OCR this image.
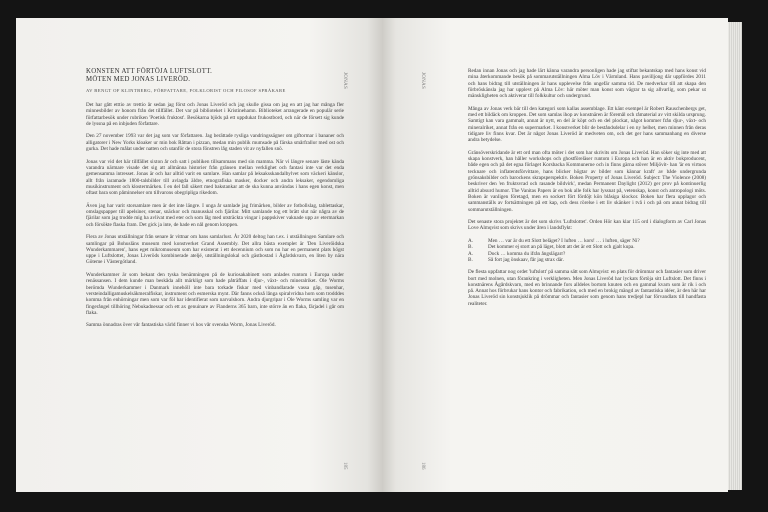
KONSTEN ATT FÖRTÖJA LUFTSLOTT.
MÖTEN MED JONAS LIVERÖD.
AV BENGT OF KLINTBERG, FÖRFATTARE, FOLKLORIST OCH FILOSOF SPRÅKARE

Det har gått etttio av trettio år sedan jag först och Jonas Liveröd och jag skulle gissa om jag en att jag har många fler minnesbilder av honom från det tillfället. Det var på biblioteket i Kristinehamn. Biblioteket arrangerade en populär serie författarbesök under rubriken 'Poetisk fruktost'. Besökarna bjöds på ett uppdukat frukostbord, och när de försett sig kunde de lyssna på en inbjuden författare.

Den 27 november 1993 var det jag som var författaren. Jag berättade rysliga vandringssägner om giftormar i bananer och alligatorer i New Yorks kloaker ur min bok Råttan i pizzan, medan min publik mumsade på färska smårfrallor med ost och gurka. Det hade målat under natten och utanför de stora fönstren låg staden vit av nyfallen snö.

Jonas var vid det här tillfället sixton år och satt i publiken tillsammans med sin mamma. När vi längre senare läste kända varandra närmare visade det sig att allmänna historier från gränsen mellan verklighet och fantasi inte var det enda gemensamma intresset. Jonas är och har alltid varit en samlare. Han samlar på leksaksskandalbylvet som väckeri känslor, allt från iaramade 1800-talsbilder till avlagda äldre, etnografiska masker, docker och andra leksaker, egendomliga musikinstrument och klostermärken. I en del fall säkert med bakstankar att de ska kunna användas i hans egen konst, men oftast bara som påminnelser om tillvarons obegripliga rikedom.

Även jag har varit storsamlare men är det inte längre. I unga år samlade jag frimärken, bilder av fotbollslag, tablettaskar, omslagspapper till apelsiner, stenar, snäckor och manusskal och fjärilar. Mitt samlande tog ett brätt slut när några av de fjärilar som jag trodde mig ha avlivat med eter och som låg med utsträckta vingar i pappskiver vaknade upp av etermarkan och försökte flaska fram. Det gick ja inte, de hade en nål genom kroppen.

Flera av Jonas utställningar från senare år vittnar om hans samlarlust. År 2020 deltog han t.ex. i utställningen Samlare och samlingar på Bohusläns museum med konstverket Grand Assembly. Det allra bästa exemplet är 'Den Liveröidska Wunderkammaren', hans eget mikromuseum som har existerat i ett decennium och som nu har en permanent plats högst uppe i Luftslottet, Jonas Liveröds kombinerade ateljé, utställningslokal och gästbostad i Ågårdskvarn, en liten by nära Göteme i Västergötland.

Wunderkammer är som bekant den tyska benämningen på de kuriosakabinett som anlades runtom i Europa under renässansen. I dem kunde man beskåda allt märkligt som hade påträffats i djur-, växt- och mineralriket. Ole Worms berömda Wunderkammer i Danmark innehöll inte bara torkade fiskar med vinbandlarade vassa gäp, tusenhar, versteindalligamuskelsäkmeralfiskar, instrument och esmerska mynt. Där fanns också långa spiralvridna horn som trodddes komma från enhörningar men som var föl har identifierat som narvalshorn. Andra djurgripar i Ole Worms samling var en fingerångel tillhöring Nebukadnessar och ett ax genuinare av Flanderns 365 barn, inte större än en flaka, färjadel i går om flaka.

Samma önnadras över vår fantastiska värld finner vi hos vår svenska Worm, Jonas Liveröd.

JONAS
185
JONAS
186

Redan innan Jonas och jag hade lärt känna varandra personligen hade jag stiftat bekantskap med hans konst vid mina återkommande besök på sommarutställningen Alma Löv i Värmland. Hans pavilljong där uppfördes 2011 och hans bidrag till utställningen är hans upplevelse från ungefär samma tid. De medverkar till att skapa den förbröskänsla jag har upplevt på Alma Löv: här möter man konst som vägrar ta sig allvarlig, som pekar ut mänskligheten och aktiverar till folkkultur och undergrund.

Många av Jonas verk bär till den kategori som kallas assemblage. Ett känt exempel är Robert Rauschenbergs get, med ett bildäck om kroppen. Det som samlas ihop av konstnären är föremål och råmaterial av vitt skilda ursprung. Samtigt kan vara gammalt, annat är nytt, en del är köpt och en del plockat, något kommer från djur-, växt- och mineralriket, annat från en supermarket. I konstverket blir de beståndsdelar i en ny helhet, men minnen från deras tidigare liv finns kvar. Det är något Jonas Liveröd är medveten om, och det ger hans sammanhang en diverse andra betydelse.

Gränsöverskridande är ett ord man ofta möter i det som har skrivits om Jonas Liveröd. Han söker sig inte med att skapa konstverk, han håller workshops och ghostföreläser runtom i Europa och han är en aktiv bokproducent, både egen och på det egna förlaget Korsbacka Kommunerne och in finns gärna stöver Miljövit- han 'är en virtuos tecknare och inflatentsförvittare, hans blicker högtar av bilder som kännar kraft' av både undergrunda grönsaksbilder och barockens skrapsperspektiv. Boken Property of Jonas Liveröd. Subject: The Violence (2008) beskriver den 'en fruktsvrad och rasande bildvirk', medan Permanent Daylight (2012) ger prov på kontinuerlig alltid absurd humor. The Vanitas Papers är en bok alle folk har lyssnat på, vetenskap, konst och antropologi möts. Boken är vanligen företagd, men en sockert fört fördöjt kön blåsiga klockor. Boken har flera upplagor och sammanställs av fortsättningen på ett kap, och dess rörelse i ett liv skänker i två i och på om annat bidrag till sommarutställningen.

Det senaste stora projektet är det som skrivs 'Luftslottet'. Orden Hör kan klar 115 ord i dialogform av Carl Jonas Love Almqvist som skrivs under åren i landsflykt:

A.	Men … var är du ett Slott beläget? I luften … kors! … i luften, säger Ni?
B.	Det kommer ej stort an på läget, blott att det är ett Slott och gjalt kupa.
A.	Dock … komma du ifrån ångslägarr?
B.	Så fort jag önskaav, får jag strax där.

De flesta uppfattar nog ordet 'luftslott' på samma sätt som Almqvist: en plats för drömmar och fantasier som driver bort med molnen, utan förankring i verkligheten. Men Jonas Liveröd har lyckats förtöja sitt Luftslott. Det finns i konstnärens Ågårdskvarn, med en brinnande fors alldeles bortom knuten och en gammal kvarn som är rik i och på. Annat hos förbrukar hans kontor och fabrikation, och med en brokig mängd av fantastiska idéer, är den här har Jonas Liveröd sin konstsjuklik på drömmar och fantasier som genom hans tredjepl har förvandlats till handfasta realiteter.
